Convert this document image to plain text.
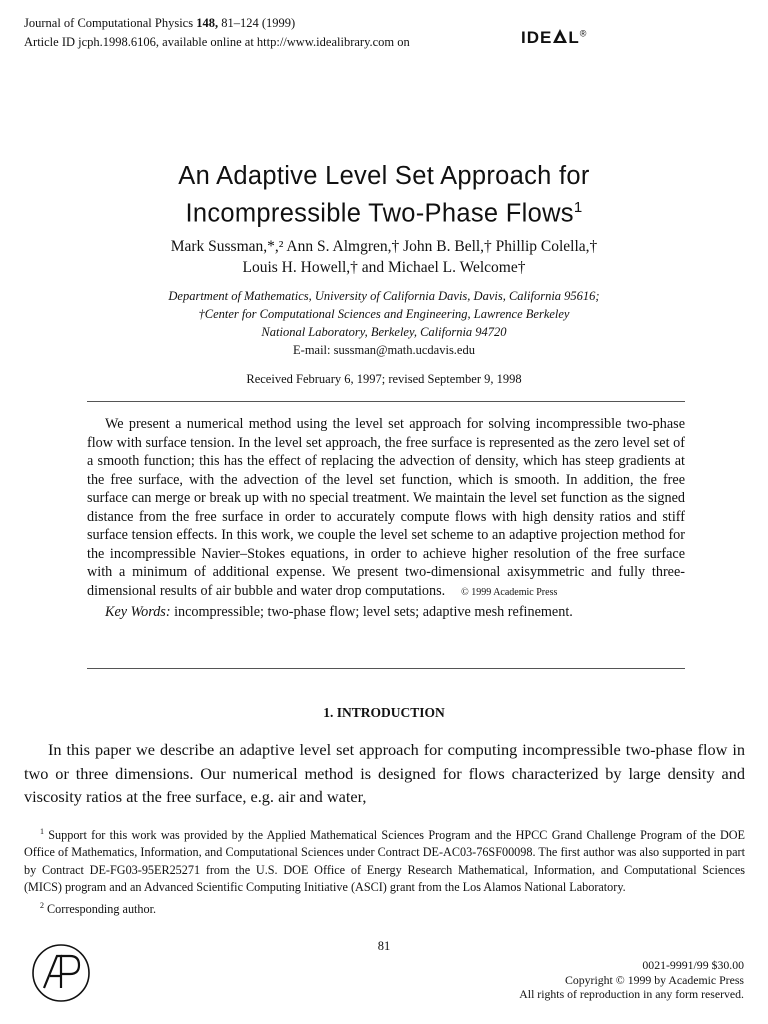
Journal of Computational Physics 148, 81–124 (1999)
Article ID jcph.1998.6106, available online at http://www.idealibrary.com on	IDE L®
An Adaptive Level Set Approach for
Incompressible Two-Phase Flows$^1$
Mark Sussman,*,² Ann S. Almgren,† John B. Bell,† Phillip Colella,†
Louis H. Howell,† and Michael L. Welcome†
Department of Mathematics, University of California Davis, Davis, California 95616;
†Center for Computational Sciences and Engineering, Lawrence Berkeley
National Laboratory, Berkeley, California 94720
E-mail: sussman@math.ucdavis.edu
Received February 6, 1997; revised September 9, 1998

We present a numerical method using the level set approach for solving incompressible two-phase flow with surface tension. In the level set approach, the free surface is represented as the zero level set of a smooth function; this has the effect of replacing the advection of density, which has steep gradients at the free surface, with the advection of the level set function, which is smooth. In addition, the free surface can merge or break up with no special treatment. We maintain the level set function as the signed distance from the free surface in order to accurately compute flows with high density ratios and stiff surface tension effects. In this work, we couple the level set scheme to an adaptive projection method for the incompressible Navier–Stokes equations, in order to achieve higher resolution of the free surface with a minimum of additional expense. We present two-dimensional axisymmetric and fully three-dimensional results of air bubble and water drop computations. © 1999 Academic Press

Key Words: incompressible; two-phase flow; level sets; adaptive mesh refinement.
1. INTRODUCTION

In this paper we describe an adaptive level set approach for computing incompressible two-phase flow in two or three dimensions. Our numerical method is designed for flows characterized by large density and viscosity ratios at the free surface, e.g. air and water,

$^1$ Support for this work was provided by the Applied Mathematical Sciences Program and the HPCC Grand Challenge Program of the DOE Office of Mathematics, Information, and Computational Sciences under Contract DE-AC03-76SF00098. The first author was also supported in part by Contract DE-FG03-95ER25271 from the U.S. DOE Office of Energy Research Mathematical, Information, and Computational Sciences (MICS) program and an Advanced Scientific Computing Initiative (ASCI) grant from the Los Alamos National Laboratory.

$^2$ Corresponding author.

81
0021-9991/99 $30.00
Copyright © 1999 by Academic Press
All rights of reproduction in any form reserved.
